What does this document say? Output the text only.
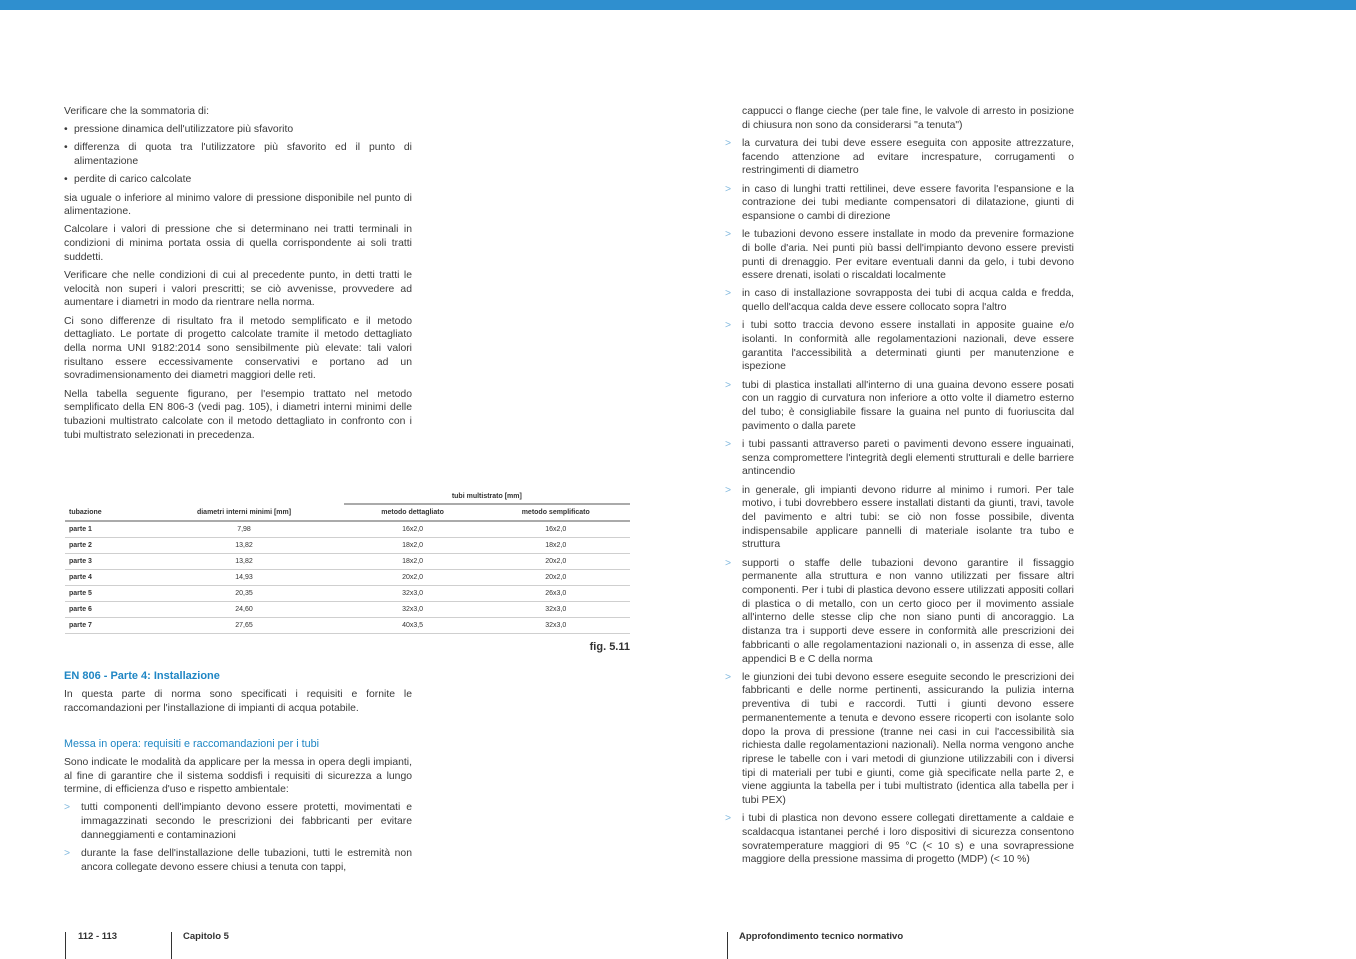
Verificare che la sommatoria di:

• pressione dinamica dell'utilizzatore più sfavorito
• differenza di quota tra l'utilizzatore più sfavorito ed il punto di alimentazione
• perdite di carico calcolate

sia uguale o inferiore al minimo valore di pressione disponibile nel punto di alimentazione.

Calcolare i valori di pressione che si determinano nei tratti terminali in condizioni di minima portata ossia di quella corrispondente ai soli tratti suddetti.

Verificare che nelle condizioni di cui al precedente punto, in detti tratti le velocità non superi i valori prescritti; se ciò avvenisse, provvedere ad aumentare i diametri in modo da rientrare nella norma.

Ci sono differenze di risultato fra il metodo semplificato e il metodo dettagliato. Le portate di progetto calcolate tramite il metodo dettagliato della norma UNI 9182:2014 sono sensibilmente più elevate: tali valori risultano essere eccessivamente conservativi e portano ad un sovradimensionamento dei diametri maggiori delle reti.

Nella tabella seguente figurano, per l'esempio trattato nel metodo semplificato della EN 806-3 (vedi pag. 105), i diametri interni minimi delle tubazioni multistrato calcolate con il metodo dettagliato in confronto con i tubi multistrato selezionati in precedenza.

		tubi multistrato [mm]	
tubazione	diametri interni minimi [mm]	metodo dettagliato	metodo semplificato
parte 1	7,98	16x2,0	16x2,0
parte 2	13,82	18x2,0	18x2,0
parte 3	13,82	18x2,0	20x2,0
parte 4	14,93	20x2,0	20x2,0
parte 5	20,35	32x3,0	26x3,0
parte 6	24,60	32x3,0	32x3,0
parte 7	27,65	40x3,5	32x3,0
fig. 5.11

EN 806 - Parte 4: Installazione

In questa parte di norma sono specificati i requisiti e fornite le raccomandazioni per l'installazione di impianti di acqua potabile.

Messa in opera: requisiti e raccomandazioni per i tubi

Sono indicate le modalità da applicare per la messa in opera degli impianti, al fine di garantire che il sistema soddisfi i requisiti di sicurezza a lungo termine, di efficienza d'uso e rispetto ambientale:

> tutti componenti dell'impianto devono essere protetti, movimentati e immagazzinati secondo le prescrizioni dei fabbricanti per evitare danneggiamenti e contaminazioni
> durante la fase dell'installazione delle tubazioni, tutti le estremità non ancora collegate devono essere chiusi a tenuta con tappi,

cappucci o flange cieche (per tale fine, le valvole di arresto in posizione di chiusura non sono da considerarsi "a tenuta")

> la curvatura dei tubi deve essere eseguita con apposite attrezzature, facendo attenzione ad evitare increspature, corrugamenti o restringimenti di diametro
> in caso di lunghi tratti rettilinei, deve essere favorita l'espansione e la contrazione dei tubi mediante compensatori di dilatazione, giunti di espansione o cambi di direzione
> le tubazioni devono essere installate in modo da prevenire formazione di bolle d'aria. Nei punti più bassi dell'impianto devono essere previsti punti di drenaggio. Per evitare eventuali danni da gelo, i tubi devono essere drenati, isolati o riscaldati localmente
> in caso di installazione sovrapposta dei tubi di acqua calda e fredda, quello dell'acqua calda deve essere collocato sopra l'altro
> i tubi sotto traccia devono essere installati in apposite guaine e/o isolanti. In conformità alle regolamentazioni nazionali, deve essere garantita l'accessibilità a determinati giunti per manutenzione e ispezione
> tubi di plastica installati all'interno di una guaina devono essere posati con un raggio di curvatura non inferiore a otto volte il diametro esterno del tubo; è consigliabile fissare la guaina nel punto di fuoriuscita dal pavimento o dalla parete
> i tubi passanti attraverso pareti o pavimenti devono essere inguainati, senza compromettere l'integrità degli elementi strutturali e delle barriere antincendio
> in generale, gli impianti devono ridurre al minimo i rumori. Per tale motivo, i tubi dovrebbero essere installati distanti da giunti, travi, tavole del pavimento e altri tubi: se ciò non fosse possibile, diventa indispensabile applicare pannelli di materiale isolante tra tubo e struttura
> supporti o staffe delle tubazioni devono garantire il fissaggio permanente alla struttura e non vanno utilizzati per fissare altri componenti. Per i tubi di plastica devono essere utilizzati appositi collari di plastica o di metallo, con un certo gioco per il movimento assiale all'interno delle stesse clip che non siano punti di ancoraggio. La distanza tra i supporti deve essere in conformità alle prescrizioni dei fabbricanti o alle regolamentazioni nazionali o, in assenza di esse, alle appendici B e C della norma
> le giunzioni dei tubi devono essere eseguite secondo le prescrizioni dei fabbricanti e delle norme pertinenti, assicurando la pulizia interna preventiva di tubi e raccordi. Tutti i giunti devono essere permanentemente a tenuta e devono essere ricoperti con isolante solo dopo la prova di pressione (tranne nei casi in cui l'accessibilità sia richiesta dalle regolamentazioni nazionali). Nella norma vengono anche riprese le tabelle con i vari metodi di giunzione utilizzabili con i diversi tipi di materiali per tubi e giunti, come già specificate nella parte 2, e viene aggiunta la tabella per i tubi multistrato (identica alla tabella per i tubi PEX)
> i tubi di plastica non devono essere collegati direttamente a caldaie e scaldacqua istantanei perché i loro dispositivi di sicurezza consentono sovratemperature maggiori di 95 °C (< 10 s) e una sovrapressione maggiore della pressione massima di progetto (MDP) (< 10 %)
112 - 113	Capitolo 5	Approfondimento tecnico normativo
